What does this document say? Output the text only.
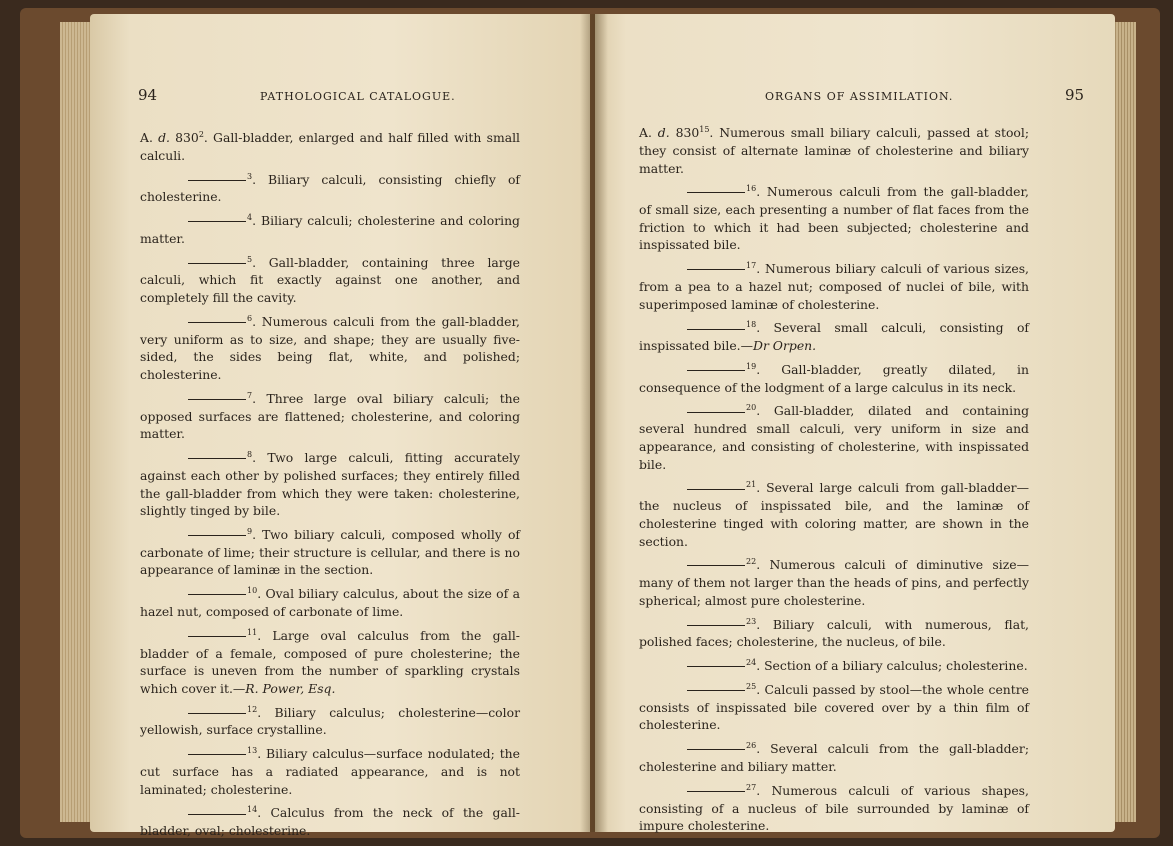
94	PATHOLOGICAL CATALOGUE.

A. d. $830^2$. Gall-bladder, enlarged and half filled with small calculi.

$^3$. Biliary calculi, consisting chiefly of cholesterine.

$^4$. Biliary calculi; cholesterine and coloring matter.

$^5$. Gall-bladder, containing three large calculi, which fit exactly against one another, and completely fill the cavity.

$^6$. Numerous calculi from the gall-bladder, very uniform as to size, and shape; they are usually five-sided, the sides being flat, white, and polished; cholesterine.

$^7$. Three large oval biliary calculi; the opposed surfaces are flattened; cholesterine, and coloring matter.

$^8$. Two large calculi, fitting accurately against each other by polished surfaces; they entirely filled the gall-bladder from which they were taken: cholesterine, slightly tinged by bile.

$^9$. Two biliary calculi, composed wholly of carbonate of lime; their structure is cellular, and there is no appearance of laminæ in the section.

$^{10}$. Oval biliary calculus, about the size of a hazel nut, composed of carbonate of lime.

$^{11}$. Large oval calculus from the gall-bladder of a female, composed of pure cholesterine; the surface is uneven from the number of sparkling crystals which cover it.—R. Power, Esq.

$^{12}$. Biliary calculus; cholesterine—color yellowish, surface crystalline.

$^{13}$. Biliary calculus—surface nodulated; the cut surface has a radiated appearance, and is not laminated; cholesterine.

$^{14}$. Calculus from the neck of the gall-bladder, oval; cholesterine.

ORGANS OF ASSIMILATION.	95

A. d. $830^{15}$. Numerous small biliary calculi, passed at stool; they consist of alternate laminæ of cholesterine and biliary matter.

$^{16}$. Numerous calculi from the gall-bladder, of small size, each presenting a number of flat faces from the friction to which it had been subjected; cholesterine and inspissated bile.

$^{17}$. Numerous biliary calculi of various sizes, from a pea to a hazel nut; composed of nuclei of bile, with superimposed laminæ of cholesterine.

$^{18}$. Several small calculi, consisting of inspissated bile.—Dr Orpen.

$^{19}$. Gall-bladder, greatly dilated, in consequence of the lodgment of a large calculus in its neck.

$^{20}$. Gall-bladder, dilated and containing several hundred small calculi, very uniform in size and appearance, and consisting of cholesterine, with inspissated bile.

$^{21}$. Several large calculi from gall-bladder—the nucleus of inspissated bile, and the laminæ of cholesterine tinged with coloring matter, are shown in the section.

$^{22}$. Numerous calculi of diminutive size—many of them not larger than the heads of pins, and perfectly spherical; almost pure cholesterine.

$^{23}$. Biliary calculi, with numerous, flat, polished faces; cholesterine, the nucleus, of bile.

$^{24}$. Section of a biliary calculus; cholesterine.

$^{25}$. Calculi passed by stool—the whole centre consists of inspissated bile covered over by a thin film of cholesterine.

$^{26}$. Several calculi from the gall-bladder; cholesterine and biliary matter.

$^{27}$. Numerous calculi of various shapes, consisting of a nucleus of bile surrounded by laminæ of impure cholesterine.
